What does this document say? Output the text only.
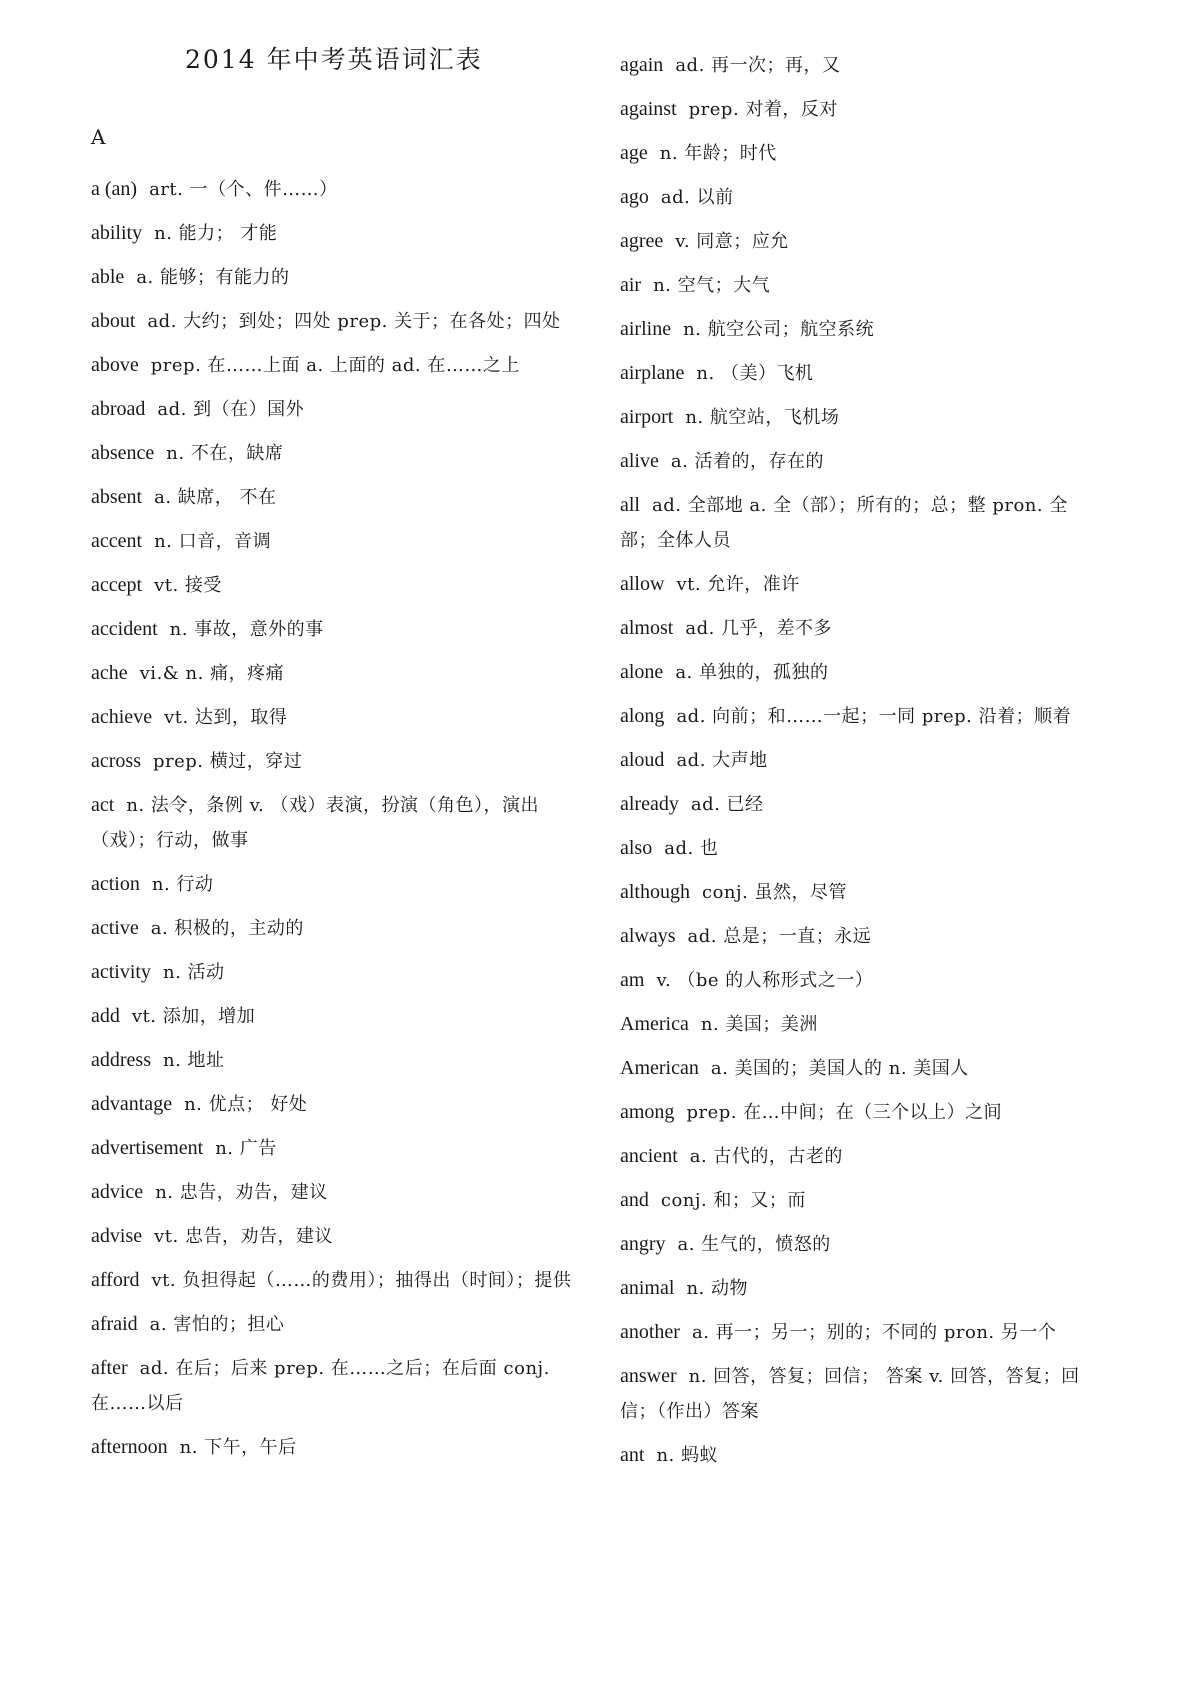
2014 年中考英语词汇表
A
a (an) art. 一（个、件……）
ability n. 能力； 才能
able a. 能够；有能力的
about ad. 大约；到处；四处 prep. 关于；在各处；四处
above prep. 在……上面 a. 上面的 ad. 在……之上
abroad ad. 到（在）国外
absence n. 不在，缺席
absent a. 缺席， 不在
accent n. 口音，音调
accept vt. 接受
accident n. 事故，意外的事
ache vi.& n. 痛，疼痛
achieve vt. 达到，取得
across prep. 横过，穿过
act n. 法令，条例 v. （戏）表演，扮演（角色），演出（戏）；行动，做事
action n. 行动
active a. 积极的，主动的
activity n. 活动
add vt. 添加，增加
address n. 地址
advantage n. 优点； 好处
advertisement n. 广告
advice n. 忠告，劝告，建议
advise vt. 忠告，劝告，建议
afford vt. 负担得起（……的费用）；抽得出（时间）；提供
afraid a. 害怕的；担心
after ad. 在后；后来 prep. 在……之后；在后面 conj. 在……以后
afternoon n. 下午，午后
again ad. 再一次；再，又
against prep. 对着，反对
age n. 年龄；时代
ago ad. 以前
agree v. 同意；应允
air n. 空气；大气
airline n. 航空公司；航空系统
airplane n. （美）飞机
airport n. 航空站，飞机场
alive a. 活着的，存在的
all ad. 全部地 a. 全（部）；所有的；总；整 pron. 全部；全体人员
allow vt. 允许，准许
almost ad. 几乎，差不多
alone a. 单独的，孤独的
along ad. 向前；和……一起；一同 prep. 沿着；顺着
aloud ad. 大声地
already ad. 已经
also ad. 也
although conj. 虽然，尽管
always ad. 总是；一直；永远
am v. （be 的人称形式之一）
America n. 美国；美洲
American a. 美国的；美国人的 n. 美国人
among prep. 在…中间；在（三个以上）之间
ancient a. 古代的，古老的
and conj. 和；又；而
angry a. 生气的，愤怒的
animal n. 动物
another a. 再一；另一；别的；不同的 pron. 另一个
answer n. 回答，答复；回信； 答案 v. 回答，答复；回信；（作出）答案
ant n. 蚂蚁
